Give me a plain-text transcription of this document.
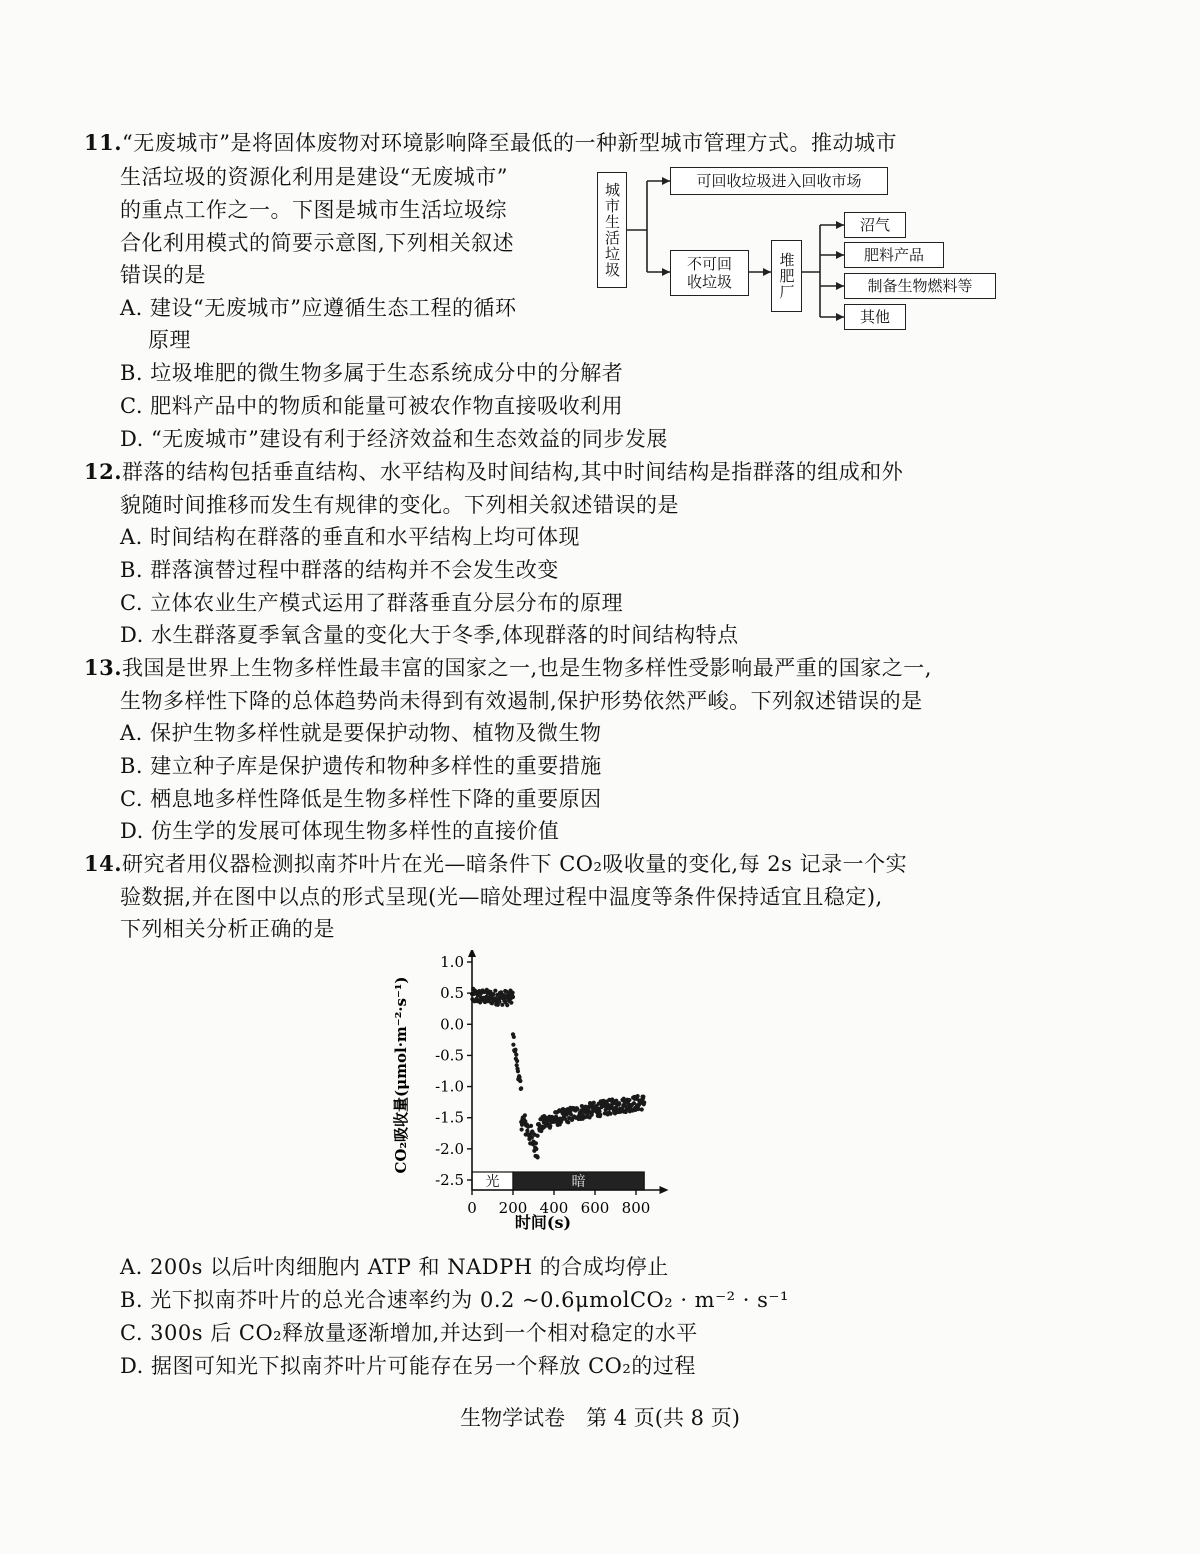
11.“无废城市”是将固体废物对环境影响降至最低的一种新型城市管理方式。推动城市
生活垃圾的资源化利用是建设“无废城市”
的重点工作之一。下图是城市生活垃圾综
合化利用模式的简要示意图,下列相关叙述
错误的是
A. 建设“无废城市”应遵循生态工程的循环
原理
B. 垃圾堆肥的微生物多属于生态系统成分中的分解者
C. 肥料产品中的物质和能量可被农作物直接吸收利用
D. “无废城市”建设有利于经济效益和生态效益的同步发展
城市生活垃圾
可回收垃圾进入回收市场
不可回收垃圾	堆肥厂
沼气
肥料产品
制备生物燃料等
其他
12.群落的结构包括垂直结构、水平结构及时间结构,其中时间结构是指群落的组成和外
貌随时间推移而发生有规律的变化。下列相关叙述错误的是
A. 时间结构在群落的垂直和水平结构上均可体现
B. 群落演替过程中群落的结构并不会发生改变
C. 立体农业生产模式运用了群落垂直分层分布的原理
D. 水生群落夏季氧含量的变化大于冬季,体现群落的时间结构特点
13.我国是世界上生物多样性最丰富的国家之一,也是生物多样性受影响最严重的国家之一,
生物多样性下降的总体趋势尚未得到有效遏制,保护形势依然严峻。下列叙述错误的是
A. 保护生物多样性就是要保护动物、植物及微生物
B. 建立种子库是保护遗传和物种多样性的重要措施
C. 栖息地多样性降低是生物多样性下降的重要原因
D. 仿生学的发展可体现生物多样性的直接价值
14.研究者用仪器检测拟南芥叶片在光—暗条件下 CO₂吸收量的变化,每 2s 记录一个实
验数据,并在图中以点的形式呈现(光—暗处理过程中温度等条件保持适宜且稳定),
下列相关分析正确的是
光	暗
1.0
0.5
0.0
-0.5
-1.0
-1.5
-2.0
-2.5
0 200 400 600 800
时间(s)
CO₂吸收量(μmol·m⁻²·s⁻¹)
A. 200s 以后叶肉细胞内 ATP 和 NADPH 的合成均停止
B. 光下拟南芥叶片的总光合速率约为 0.2 ~0.6μmolCO₂ · m⁻² · s⁻¹
C. 300s 后 CO₂释放量逐渐增加,并达到一个相对稳定的水平
D. 据图可知光下拟南芥叶片可能存在另一个释放 CO₂的过程
生物学试卷　第 4 页(共 8 页)
